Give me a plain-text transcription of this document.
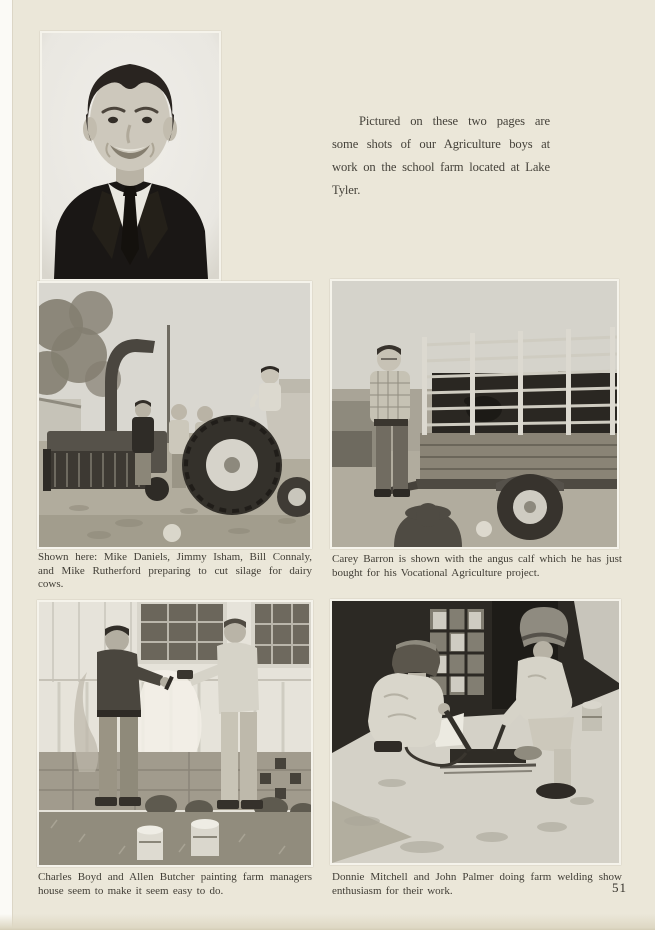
Pictured on these two pages are some shots of our Agriculture boys at work on the school farm located at Lake Tyler.

Shown here: Mike Daniels, Jimmy Isham, Bill Connaly, and Mike Rutherford preparing to cut silage for dairy cows.

Carey Barron is shown with the angus calf which he has just bought for his Vocational Agriculture project.

Charles Boyd and Allen Butcher painting farm managers house seem to make it seem easy to do.

Donnie Mitchell and John Palmer doing farm welding show enthusiasm for their work.	51
